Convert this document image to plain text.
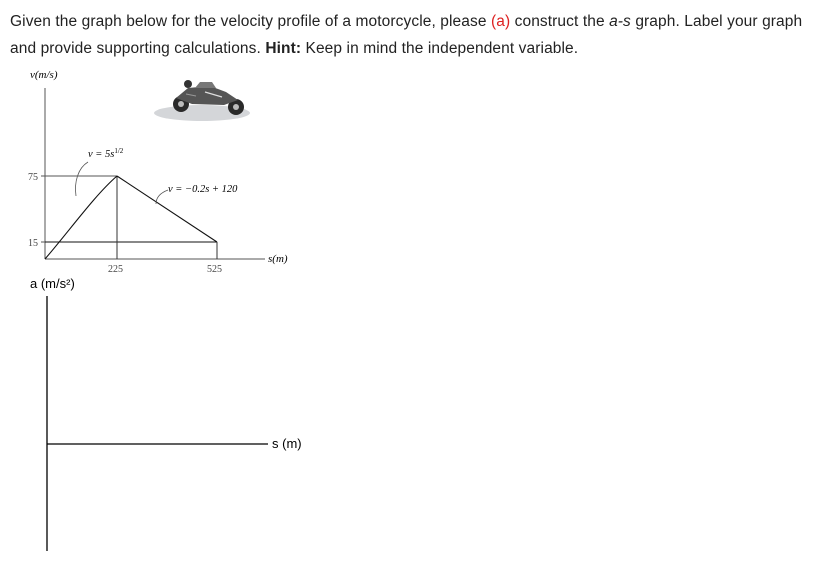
Given the graph below for the velocity profile of a motorcycle, please (a) construct the a-s graph. Label your graph and provide supporting calculations. Hint: Keep in mind the independent variable.
v(m/s)
s(m)
75
15
225	525
$v = 5s^{1/2}$
v = −0.2s + 120
a (m/s²)
s (m)
